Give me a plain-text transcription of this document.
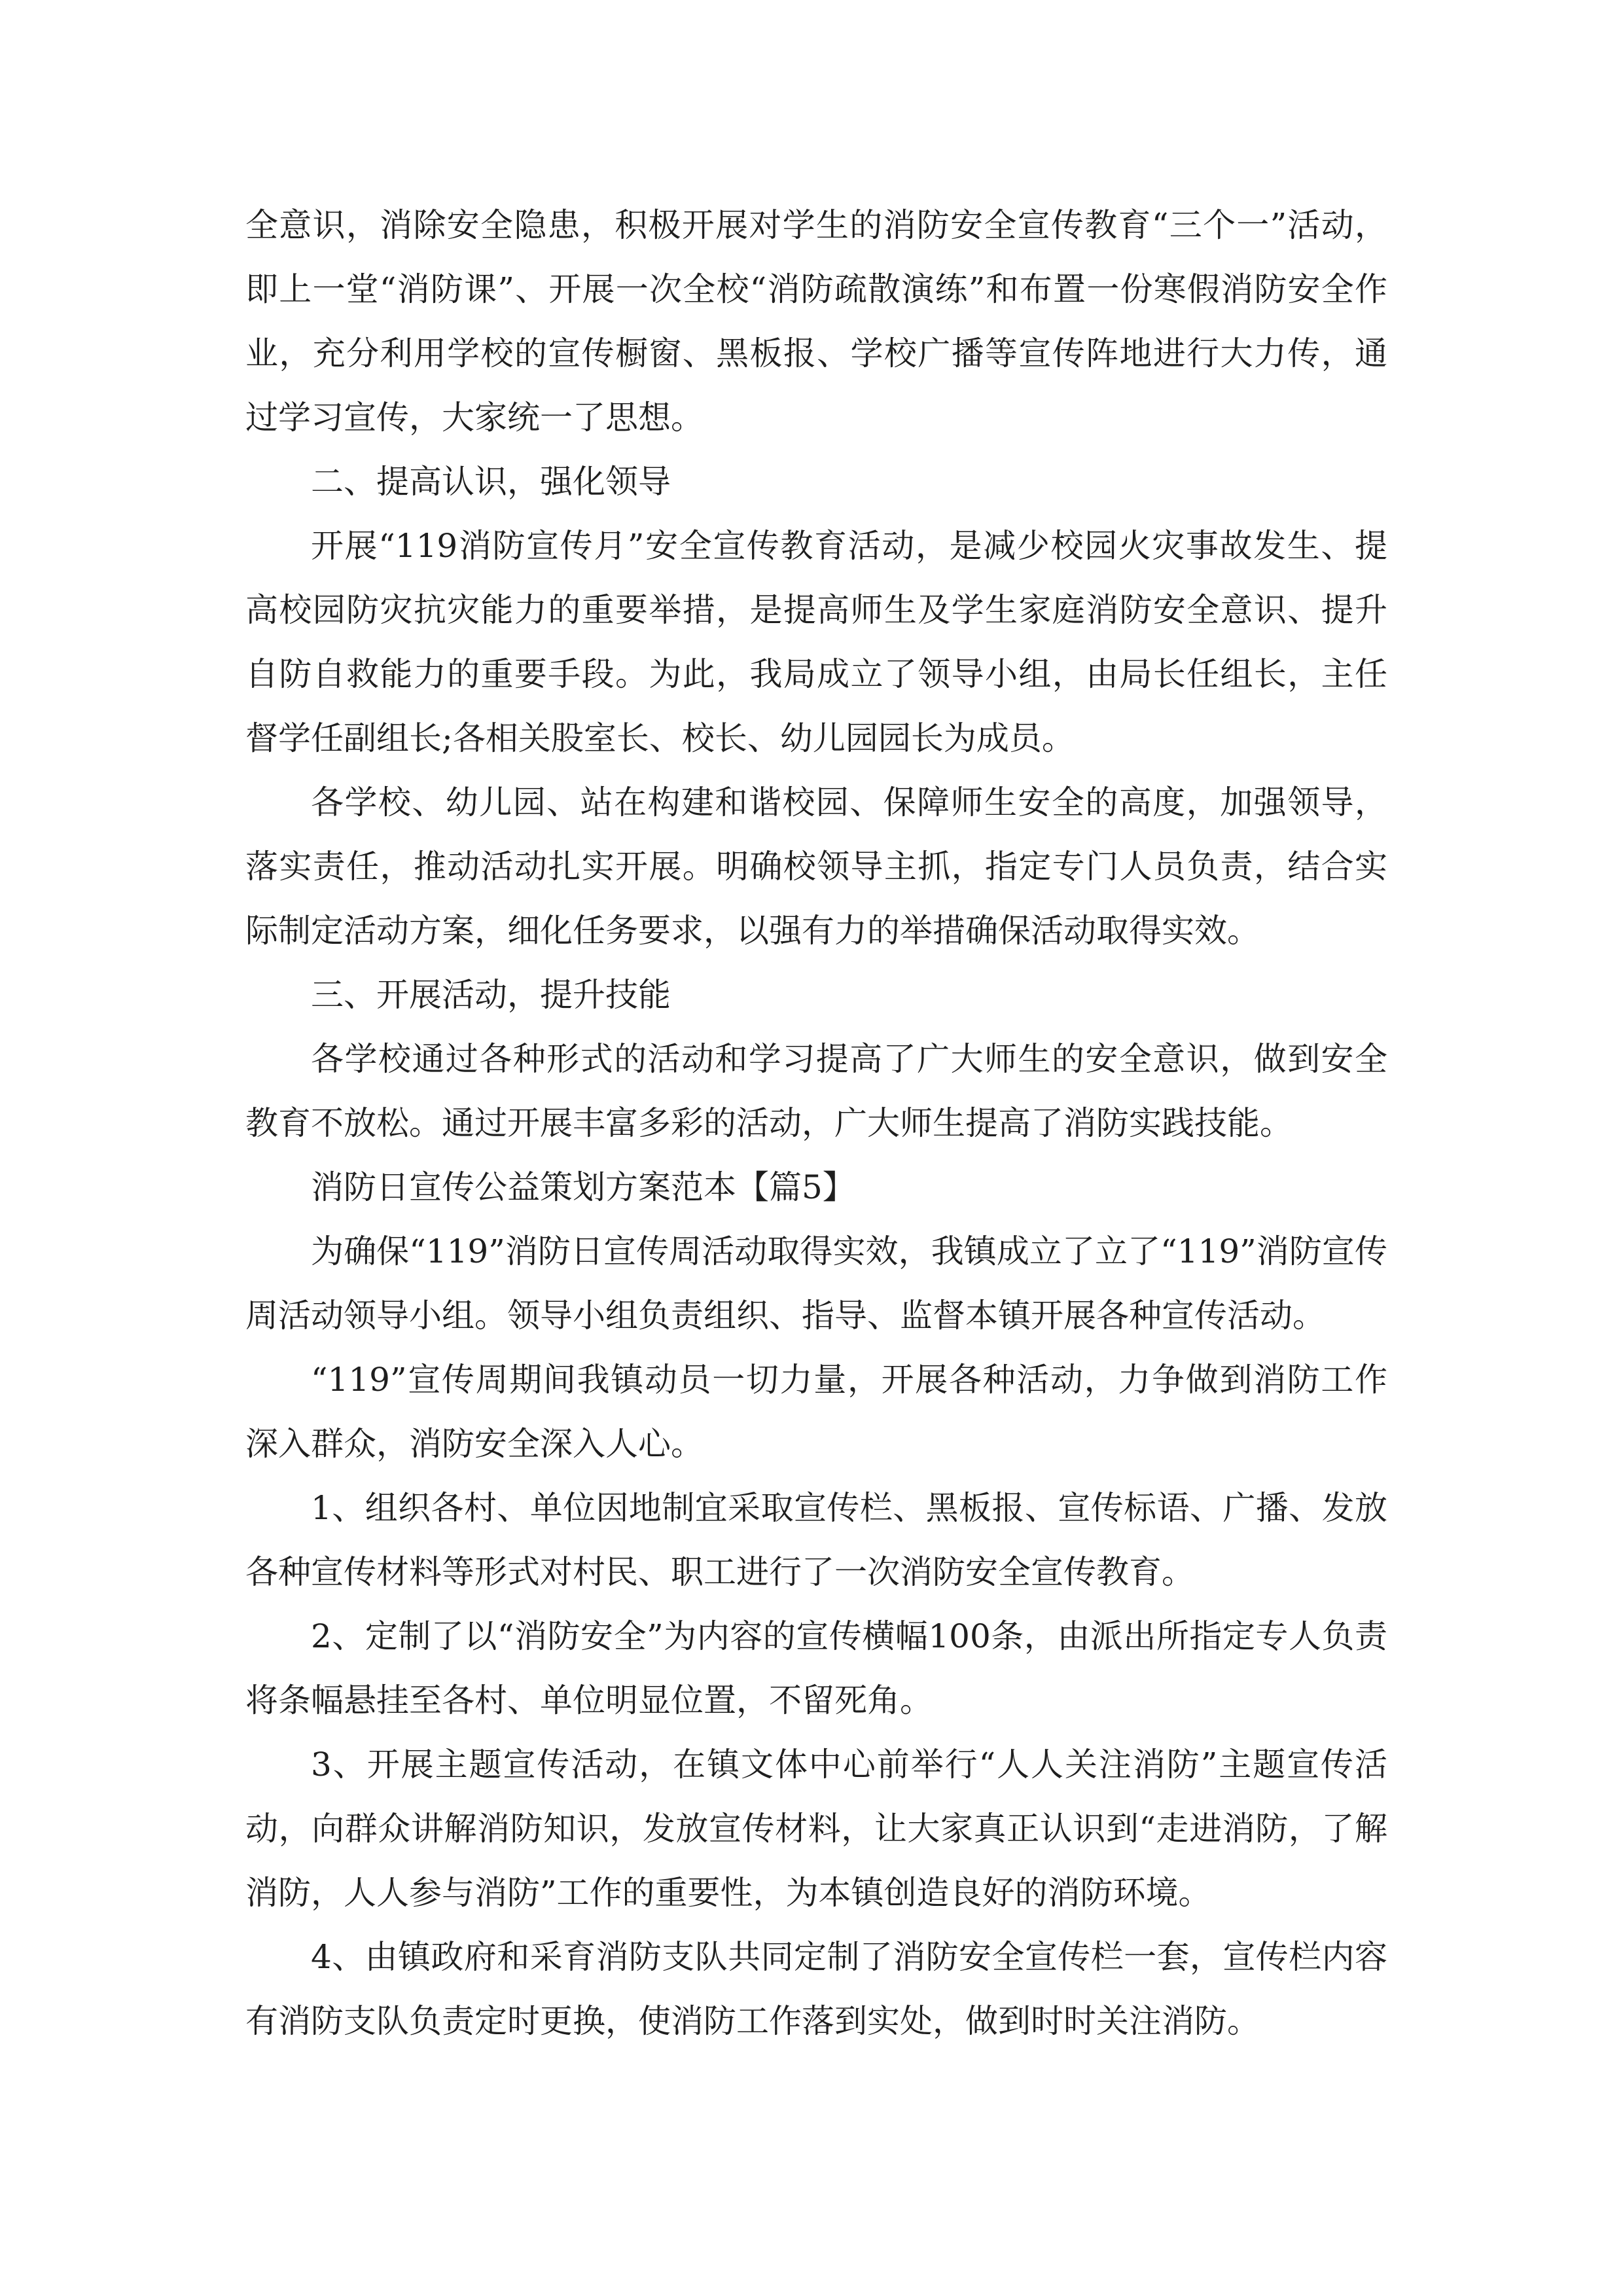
全意识，消除安全隐患，积极开展对学生的消防安全宣传教育“三个一”活动，即上一堂“消防课”、开展一次全校“消防疏散演练”和布置一份寒假消防安全作业，充分利用学校的宣传橱窗、黑板报、学校广播等宣传阵地进行大力传，通过学习宣传，大家统一了思想。

二、提高认识，强化领导

开展“119消防宣传月”安全宣传教育活动，是减少校园火灾事故发生、提高校园防灾抗灾能力的重要举措，是提高师生及学生家庭消防安全意识、提升自防自救能力的重要手段。为此，我局成立了领导小组，由局长任组长，主任督学任副组长;各相关股室长、校长、幼儿园园长为成员。

各学校、幼儿园、站在构建和谐校园、保障师生安全的高度，加强领导，落实责任，推动活动扎实开展。明确校领导主抓，指定专门人员负责，结合实际制定活动方案，细化任务要求，以强有力的举措确保活动取得实效。

三、开展活动，提升技能

各学校通过各种形式的活动和学习提高了广大师生的安全意识，做到安全教育不放松。通过开展丰富多彩的活动，广大师生提高了消防实践技能。

消防日宣传公益策划方案范本【篇5】

为确保“119”消防日宣传周活动取得实效，我镇成立了立了“119”消防宣传周活动领导小组。领导小组负责组织、指导、监督本镇开展各种宣传活动。

“119”宣传周期间我镇动员一切力量，开展各种活动，力争做到消防工作深入群众，消防安全深入人心。

1、组织各村、单位因地制宜采取宣传栏、黑板报、宣传标语、广播、发放各种宣传材料等形式对村民、职工进行了一次消防安全宣传教育。

2、定制了以“消防安全”为内容的宣传横幅100条，由派出所指定专人负责将条幅悬挂至各村、单位明显位置，不留死角。

3、开展主题宣传活动，在镇文体中心前举行“人人关注消防”主题宣传活动，向群众讲解消防知识，发放宣传材料，让大家真正认识到“走进消防，了解消防，人人参与消防”工作的重要性，为本镇创造良好的消防环境。

4、由镇政府和采育消防支队共同定制了消防安全宣传栏一套，宣传栏内容有消防支队负责定时更换，使消防工作落到实处，做到时时关注消防。
